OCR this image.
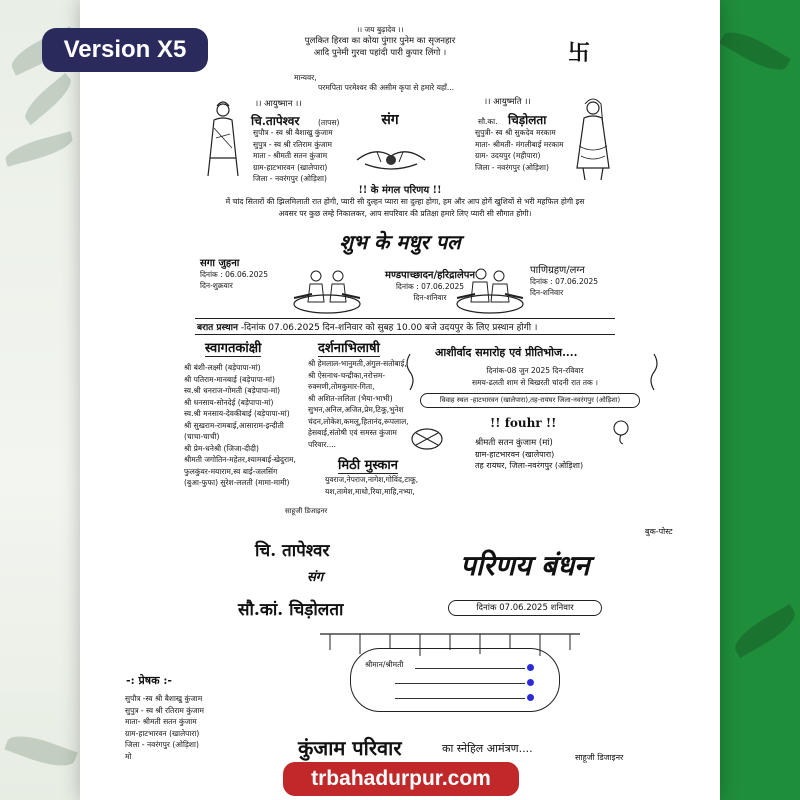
Version X5
।। जय बुढ़ादेव ।।
पुलकित हिरवा का कोया पुंगार पुनेम का सृजनहार
आदि पुनेमी गुरवा पहांदी पारी कुपार लिंगो ।
मान्यवर,
परमपिता परमेश्वर की असीम कृपा से हमारे यहाँ...
卐
।। आयुष्मान ।।
चि.तापेश्वर (तापस)
सुपौत्र - स्व श्री बैशाखु कुंजाम
सुपुत्र - स्व श्री रतिराम कुंजाम
माता - श्रीमती सतन कुंजाम
ग्राम-हाटभारवन (खालेपारा)
जिला - नवरंगपुर (ओड़िशा)
संग
।। आयुष्मति ।।
सौ.का. चिड़ोलता
सुपुत्री- स्व श्री सुकदेव मरकाम
माता- श्रीमती- मंगलीबाई मरकाम
ग्राम- उदयपुर (महीपारा)
जिला - नवरंगपुर (ओड़िशा)
!! के मंगल परिणय !!
में चांद सितारों की झिलमिलाती रात होगी, प्यारी सी दुल्हन प्यारा सा दुल्हा होगा, हम और आप होगें खुशियों से भरी महफिल होगी इस
अवसर पर कुछ लम्हे निकालकर, आप सपरिवार की प्रतिक्षा हमारे लिए प्यारी सी सौगात होगी।
शुभ के मधुर पल
सगा जुहना
दिनांक : 06.06.2025
दिन-शुक्रवार
मण्डपाच्छादन/हरिद्रालेपन
दिनांक : 07.06.2025
दिन-शनिवार
पाणिग्रहण/लग्न
दिनांक : 07.06.2025
दिन-शनिवार
बरात प्रस्थान -दिनांक 07.06.2025 दिन-शनिवार को सुबह 10.00 बजे उदयपुर के लिए प्रस्थान होगी ।
स्वागतकांक्षी
श्री बंशी-लक्ष्मी (बड़ेपापा-मां)
श्री पतिराम-मानबाई (बड़ेपापा-मां)
स्व.श्री धनराज-गोमती (बड़ेपापा-मां)
श्री धनसाय-सोनदेई (बड़ेपापा-मां)
स्व.श्री मनसाय-देवकीबाई (बड़ेपापा-मां)
श्री सुखराम-रामबाई,आसाराम-इन्दीती
(चाचा-चाची)
श्री प्रेम-धनेश्री (जिजा-दीदी)
श्रीमती जगोतिन-महेतर,श्यामबाई-खेदुराम,
फुलकुंवर-मयाराम,स्व बाई-जलसिंग
(बुआ-फुफा) सुरेश-ललती (मामा-मामी)
दर्शनाभिलाषी
श्री हेमलाल-भानुमती,अंगुल-सतोबाई,
श्री ऐसनाथ-चन्द्रीका,नरोत्तम-
रुक्मणी,तोमकुमार-गिता,
श्री अशित-ललिता (भैया-भाभी)
सुभन,अनिल,अजित,प्रेम,टिकू,भुनेश
चंदन,लोकेश,कमलू,हितानंद,रूपलाल,
हेसबाई,संतोषी एवं समस्त कुंजाम
परिवार....
मिठी मुस्कान
युवराज,नेपराज,नागेश,गोविंद,टाकू,
यश,तामेश,माधो,रिया,माहि,नभ्या,
आशीर्वाद समारोह एवं प्रीतिभोज....
दिनांक-08 जुन 2025 दिन-रविवार
समय-ढलती शाम से बिखरती चांदनी रात तक ।
विवाह स्थल -हाटभारवन (खालेपारा),तह-रायघर जिला-नवरंगपुर (ओड़िशा)
!! fouhr !!
श्रीमती सतन कुंजाम (मां)
ग्राम-हाटभारवन (खालेपारा)
तह रायघर, जिला-नवरंगपुर (ओड़िशा)
साहूजी डिजाइनर
बुक-पोस्ट
चि. तापेश्वर
संग
सौ.कां. चिड़ोलता
परिणय बंधन
दिनांक 07.06.2025 शनिवार
श्रीमान/श्रीमती
-: प्रेषक :-
सुपौत्र -स्व श्री बैशाखु कुंजाम
सुपुत्र - स्व श्री रतिराम कुंजाम
माता- श्रीमती सतन कुंजाम
ग्राम-हाटभारवन (खालेपारा)
जिला - नवरंगपुर (ओड़िशा)
मो	कुंजाम परिवार	का स्नेहिल आमंत्रण....
साहूजी डिजाइनर
trbahadurpur.com
